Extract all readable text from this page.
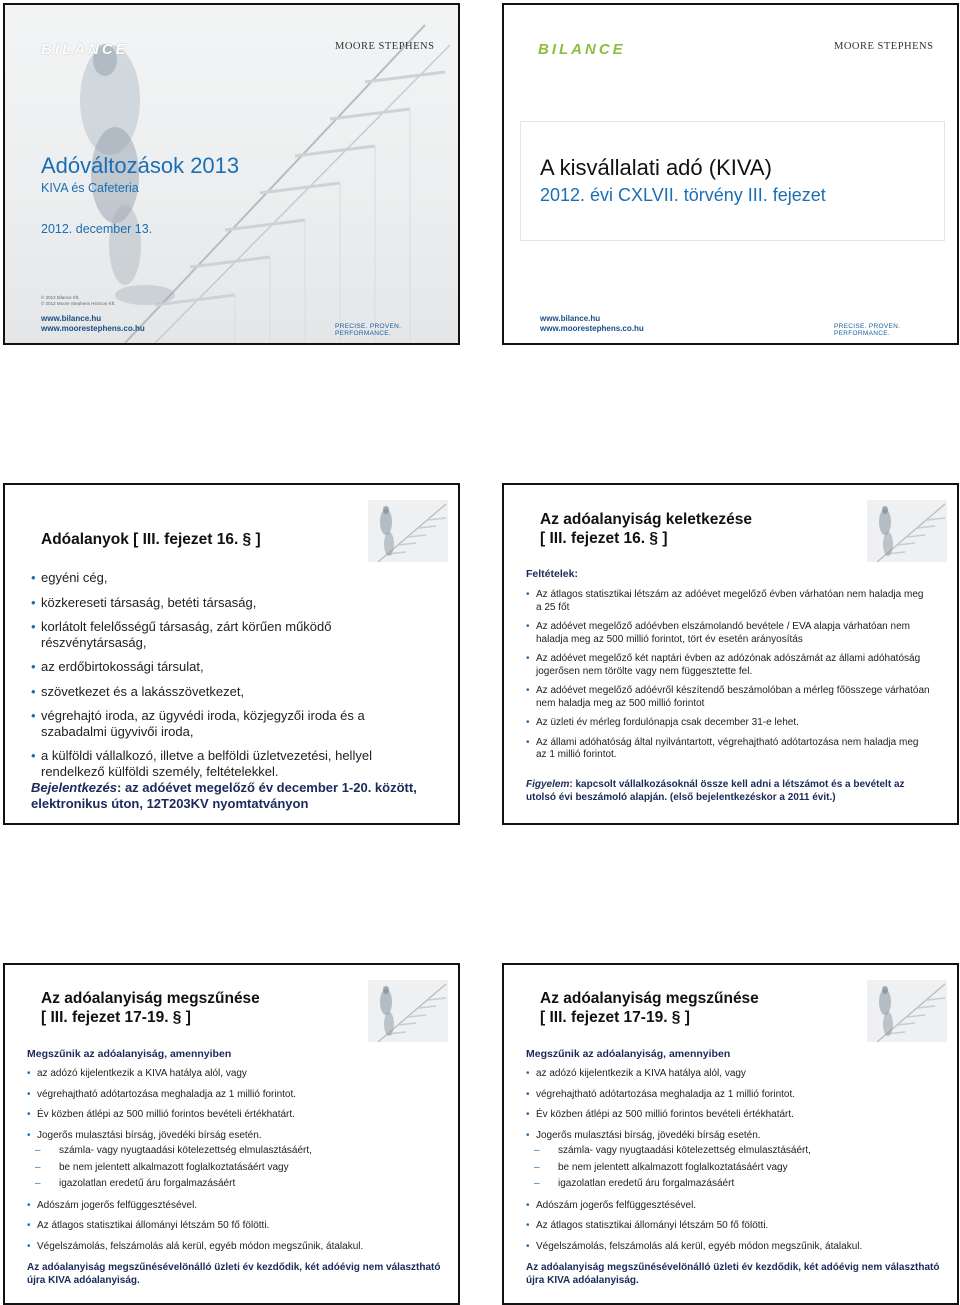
BILANCE	MOORE STEPHENS
Adóváltozások 2013
KIVA és Cafeteria
2012. december 13.
© 2012 Bilance Kft.
© 2012 Moore Stephens Hezicon Kft.
www.bilance.hu
www.moorestephens.co.hu	PRECISE. PROVEN. PERFORMANCE.
BILANCE	MOORE STEPHENS
A kisvállalati adó (KIVA)
2012. évi CXLVII. törvény III. fejezet
www.bilance.hu
www.moorestephens.co.hu	PRECISE. PROVEN. PERFORMANCE.
Adóalanyok [ III. fejezet 16. § ]
• egyéni cég,
• közkereseti társaság, betéti társaság,
• korlátolt felelősségű társaság, zárt körűen működő részvénytársaság,
• az erdőbirtokossági társulat,
• szövetkezet és a lakásszövetkezet,
• végrehajtó iroda, az ügyvédi iroda, közjegyzői iroda és a szabadalmi ügyvivői iroda,
• a külföldi vállalkozó, illetve a belföldi üzletvezetési, hellyel rendelkező külföldi személy, feltételekkel.
Bejelentkezés: az adóévet megelőző év december 1-20. között, elektronikus úton, 12T203KV nyomtatványon
Az adóalanyiság keletkezése
[ III. fejezet 16. § ]
Feltételek:
• Az átlagos statisztikai létszám az adóévet megelőző évben várhatóan nem haladja meg a 25 főt
• Az adóévet megelőző adóévben elszámolandó bevétele / EVA alapja várhatóan nem haladja meg az 500 millió forintot, tört év esetén arányosítás
• Az adóévet megelőző két naptári évben az adózónak adószámát az állami adóhatóság jogerősen nem törölte vagy nem függesztette fel.
• Az adóévet megelőző adóévről készítendő beszámolóban a mérleg főösszege várhatóan nem haladja meg az 500 millió forintot
• Az üzleti év mérleg fordulónapja csak december 31-e lehet.
• Az állami adóhatóság által nyilvántartott, végrehajtható adótartozása nem haladja meg az 1 millió forintot.
Figyelem: kapcsolt vállalkozásoknál össze kell adni a létszámot és a bevételt az utolsó évi beszámoló alapján. (első bejelentkezéskor a 2011 évit.)
Az adóalanyiság megszűnése
[ III. fejezet 17-19. § ]
Megszűnik az adóalanyiság, amennyiben
• az adózó kijelentkezik a KIVA hatálya alól, vagy
• végrehajtható adótartozása meghaladja az 1 millió forintot.
• Év közben átlépi az 500 millió forintos bevételi értékhatárt.
• Jogerős mulasztási bírság, jövedéki bírság esetén.
– számla- vagy nyugtaadási kötelezettség elmulasztásáért,
– be nem jelentett alkalmazott foglalkoztatásáért vagy
– igazolatlan eredetű áru forgalmazásáért
• Adószám jogerős felfüggesztésével.
• Az átlagos statisztikai állományi létszám 50 fő fölötti.
• Végelszámolás, felszámolás alá kerül, egyéb módon megszűnik, átalakul.
Az adóalanyiság megszűnésévelönálló üzleti év kezdődik, két adóévig nem választható újra KIVA adóalanyiság.
Az adóalanyiság megszűnése
[ III. fejezet 17-19. § ]
Megszűnik az adóalanyiság, amennyiben
• az adózó kijelentkezik a KIVA hatálya alól, vagy
• végrehajtható adótartozása meghaladja az 1 millió forintot.
• Év közben átlépi az 500 millió forintos bevételi értékhatárt.
• Jogerős mulasztási bírság, jövedéki bírság esetén.
– számla- vagy nyugtaadási kötelezettség elmulasztásáért,
– be nem jelentett alkalmazott foglalkoztatásáért vagy
– igazolatlan eredetű áru forgalmazásáért
• Adószám jogerős felfüggesztésével.
• Az átlagos statisztikai állományi létszám 50 fő fölötti.
• Végelszámolás, felszámolás alá kerül, egyéb módon megszűnik, átalakul.
Az adóalanyiság megszűnésévelönálló üzleti év kezdődik, két adóévig nem választható újra KIVA adóalanyiság.
